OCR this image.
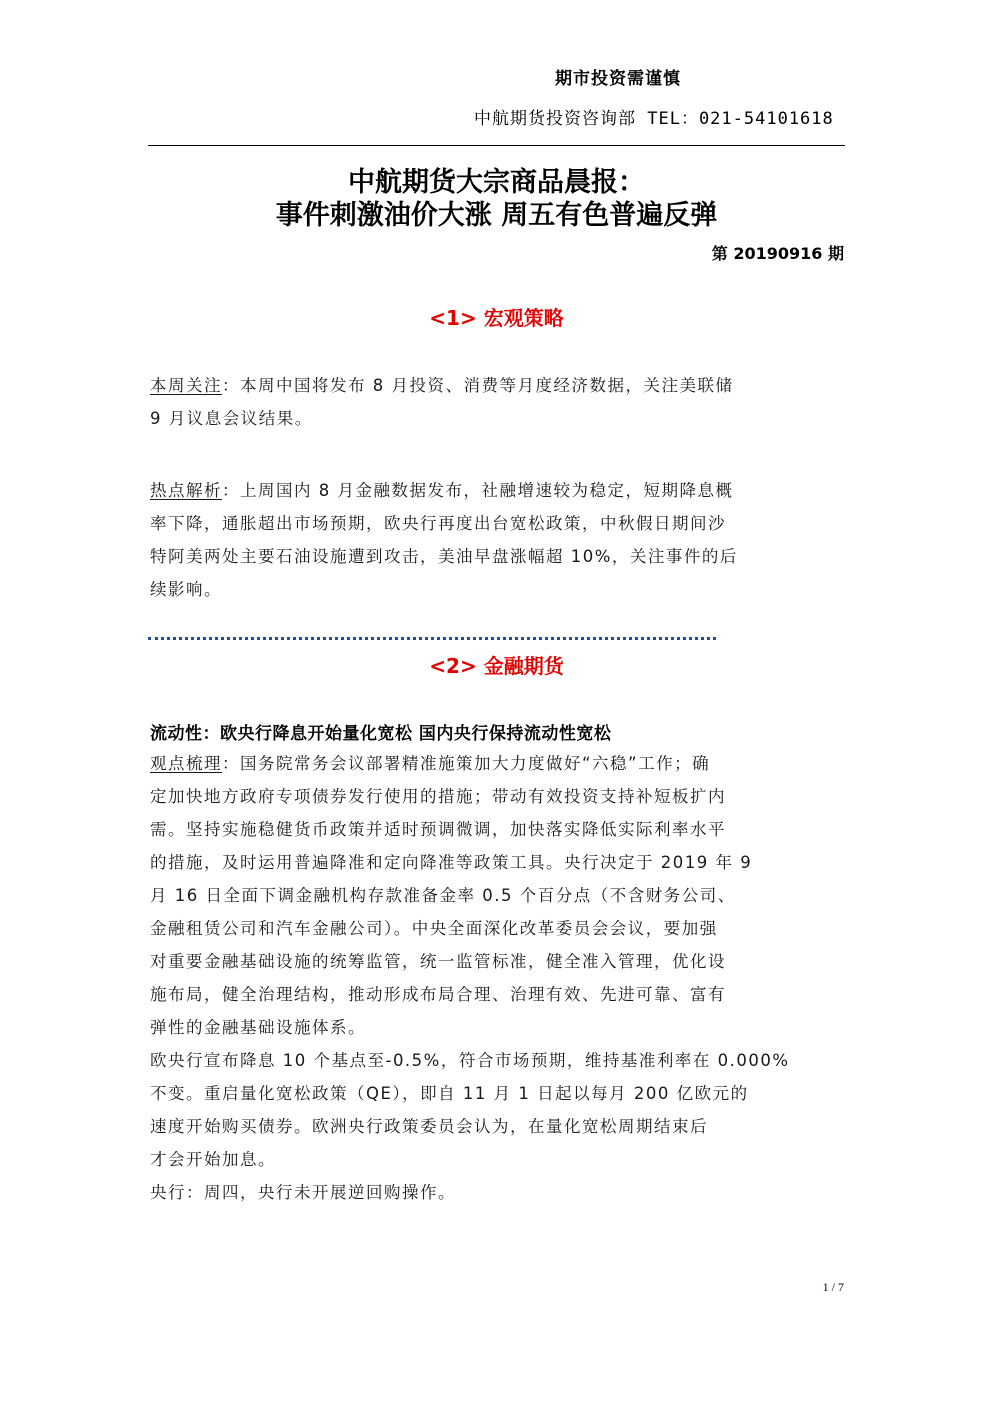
期市投资需谨慎
中航期货投资咨询部 TEL：021-54101618
中航期货大宗商品晨报：
事件刺激油价大涨 周五有色普遍反弹
第 20190916 期
<1> 宏观策略
本周关注：本周中国将发布 8 月投资、消费等月度经济数据，关注美联储
9 月议息会议结果。
热点解析：上周国内 8 月金融数据发布，社融增速较为稳定，短期降息概
率下降，通胀超出市场预期，欧央行再度出台宽松政策，中秋假日期间沙
特阿美两处主要石油设施遭到攻击，美油早盘涨幅超 10%，关注事件的后
续影响。
<2> 金融期货
流动性：欧央行降息开始量化宽松 国内央行保持流动性宽松
观点梳理：国务院常务会议部署精准施策加大力度做好“六稳”工作；确
定加快地方政府专项债券发行使用的措施；带动有效投资支持补短板扩内
需。坚持实施稳健货币政策并适时预调微调，加快落实降低实际利率水平
的措施，及时运用普遍降准和定向降准等政策工具。央行决定于 2019 年 9
月 16 日全面下调金融机构存款准备金率 0.5 个百分点（不含财务公司、
金融租赁公司和汽车金融公司）。中央全面深化改革委员会会议，要加强
对重要金融基础设施的统筹监管，统一监管标准，健全准入管理，优化设
施布局，健全治理结构，推动形成布局合理、治理有效、先进可靠、富有
弹性的金融基础设施体系。
欧央行宣布降息 10 个基点至-0.5%，符合市场预期，维持基准利率在 0.000%
不变。重启量化宽松政策（QE），即自 11 月 1 日起以每月 200 亿欧元的
速度开始购买债券。欧洲央行政策委员会认为，在量化宽松周期结束后
才会开始加息。
央行：周四，央行未开展逆回购操作。
1 / 7
